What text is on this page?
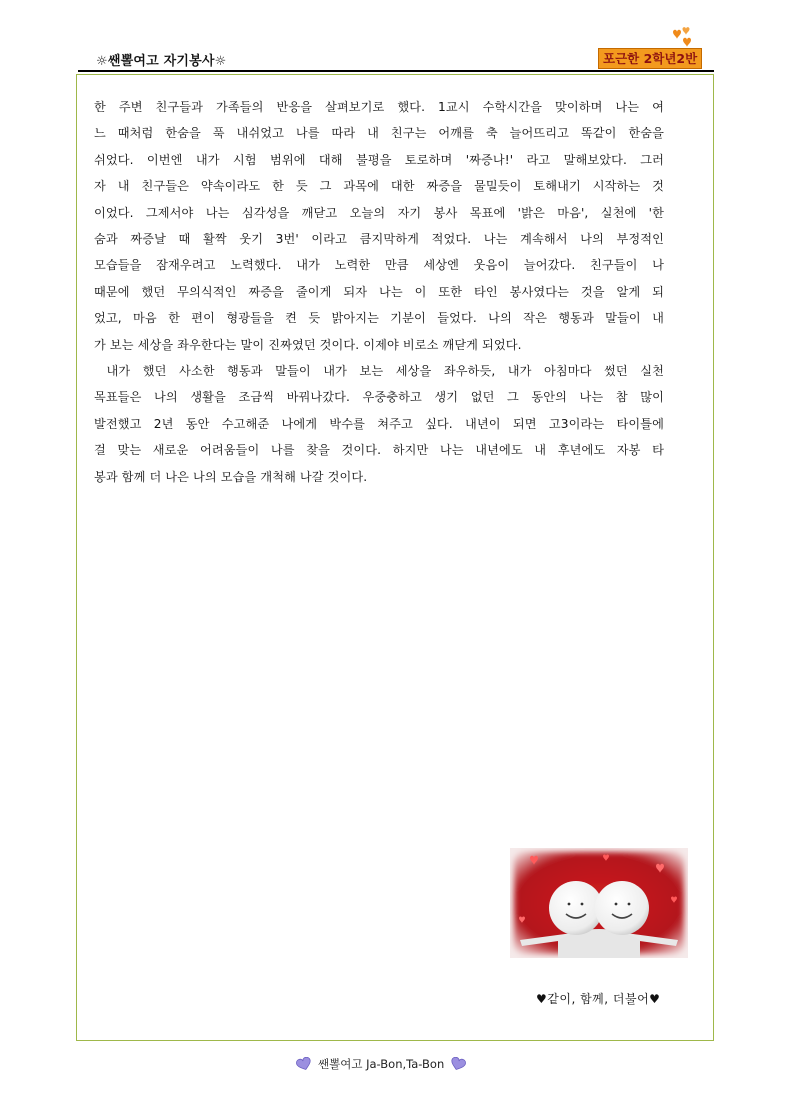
☼쌘뽈여고 자기봉사☼	포근한 2학년2반
한 주변 친구들과 가족들의 반응을 살펴보기로 했다. 1교시 수학시간을 맞이하며 나는 여
느 때처럼 한숨을 푹 내쉬었고 나를 따라 내 친구는 어깨를 축 늘어뜨리고 똑같이 한숨을
쉬었다. 이번엔 내가 시험 범위에 대해 불평을 토로하며 '짜증나!' 라고 말해보았다. 그러
자 내 친구들은 약속이라도 한 듯 그 과목에 대한 짜증을 물밀듯이 토해내기 시작하는 것
이었다. 그제서야 나는 심각성을 깨닫고 오늘의 자기 봉사 목표에 '밝은 마음', 실천에 '한
숨과 짜증날 때 활짝 웃기 3번' 이라고 큼지막하게 적었다. 나는 계속해서 나의 부정적인
모습들을 잠재우려고 노력했다. 내가 노력한 만큼 세상엔 웃음이 늘어갔다. 친구들이 나
때문에 했던 무의식적인 짜증을 줄이게 되자 나는 이 또한 타인 봉사였다는 것을 알게 되
었고, 마음 한 편이 형광들을 켠 듯 밝아지는 기분이 들었다. 나의 작은 행동과 말들이 내
가 보는 세상을 좌우한다는 말이 진짜였던 것이다. 이제야 비로소 깨닫게 되었다.
내가 했던 사소한 행동과 말들이 내가 보는 세상을 좌우하듯, 내가 아침마다 썼던 실천
목표들은 나의 생활을 조금씩 바꿔나갔다. 우중충하고 생기 없던 그 동안의 나는 참 많이
발전했고 2년 동안 수고해준 나에게 박수를 쳐주고 싶다. 내년이 되면 고3이라는 타이틀에
걸 맞는 새로운 어려움들이 나를 찾을 것이다. 하지만 나는 내년에도 내 후년에도 자봉 타
봉과 함께 더 나은 나의 모습을 개척해 나갈 것이다.
♥같이, 함께, 더불어♥
쌘뽈여고 Ja-Bon,Ta-Bon
